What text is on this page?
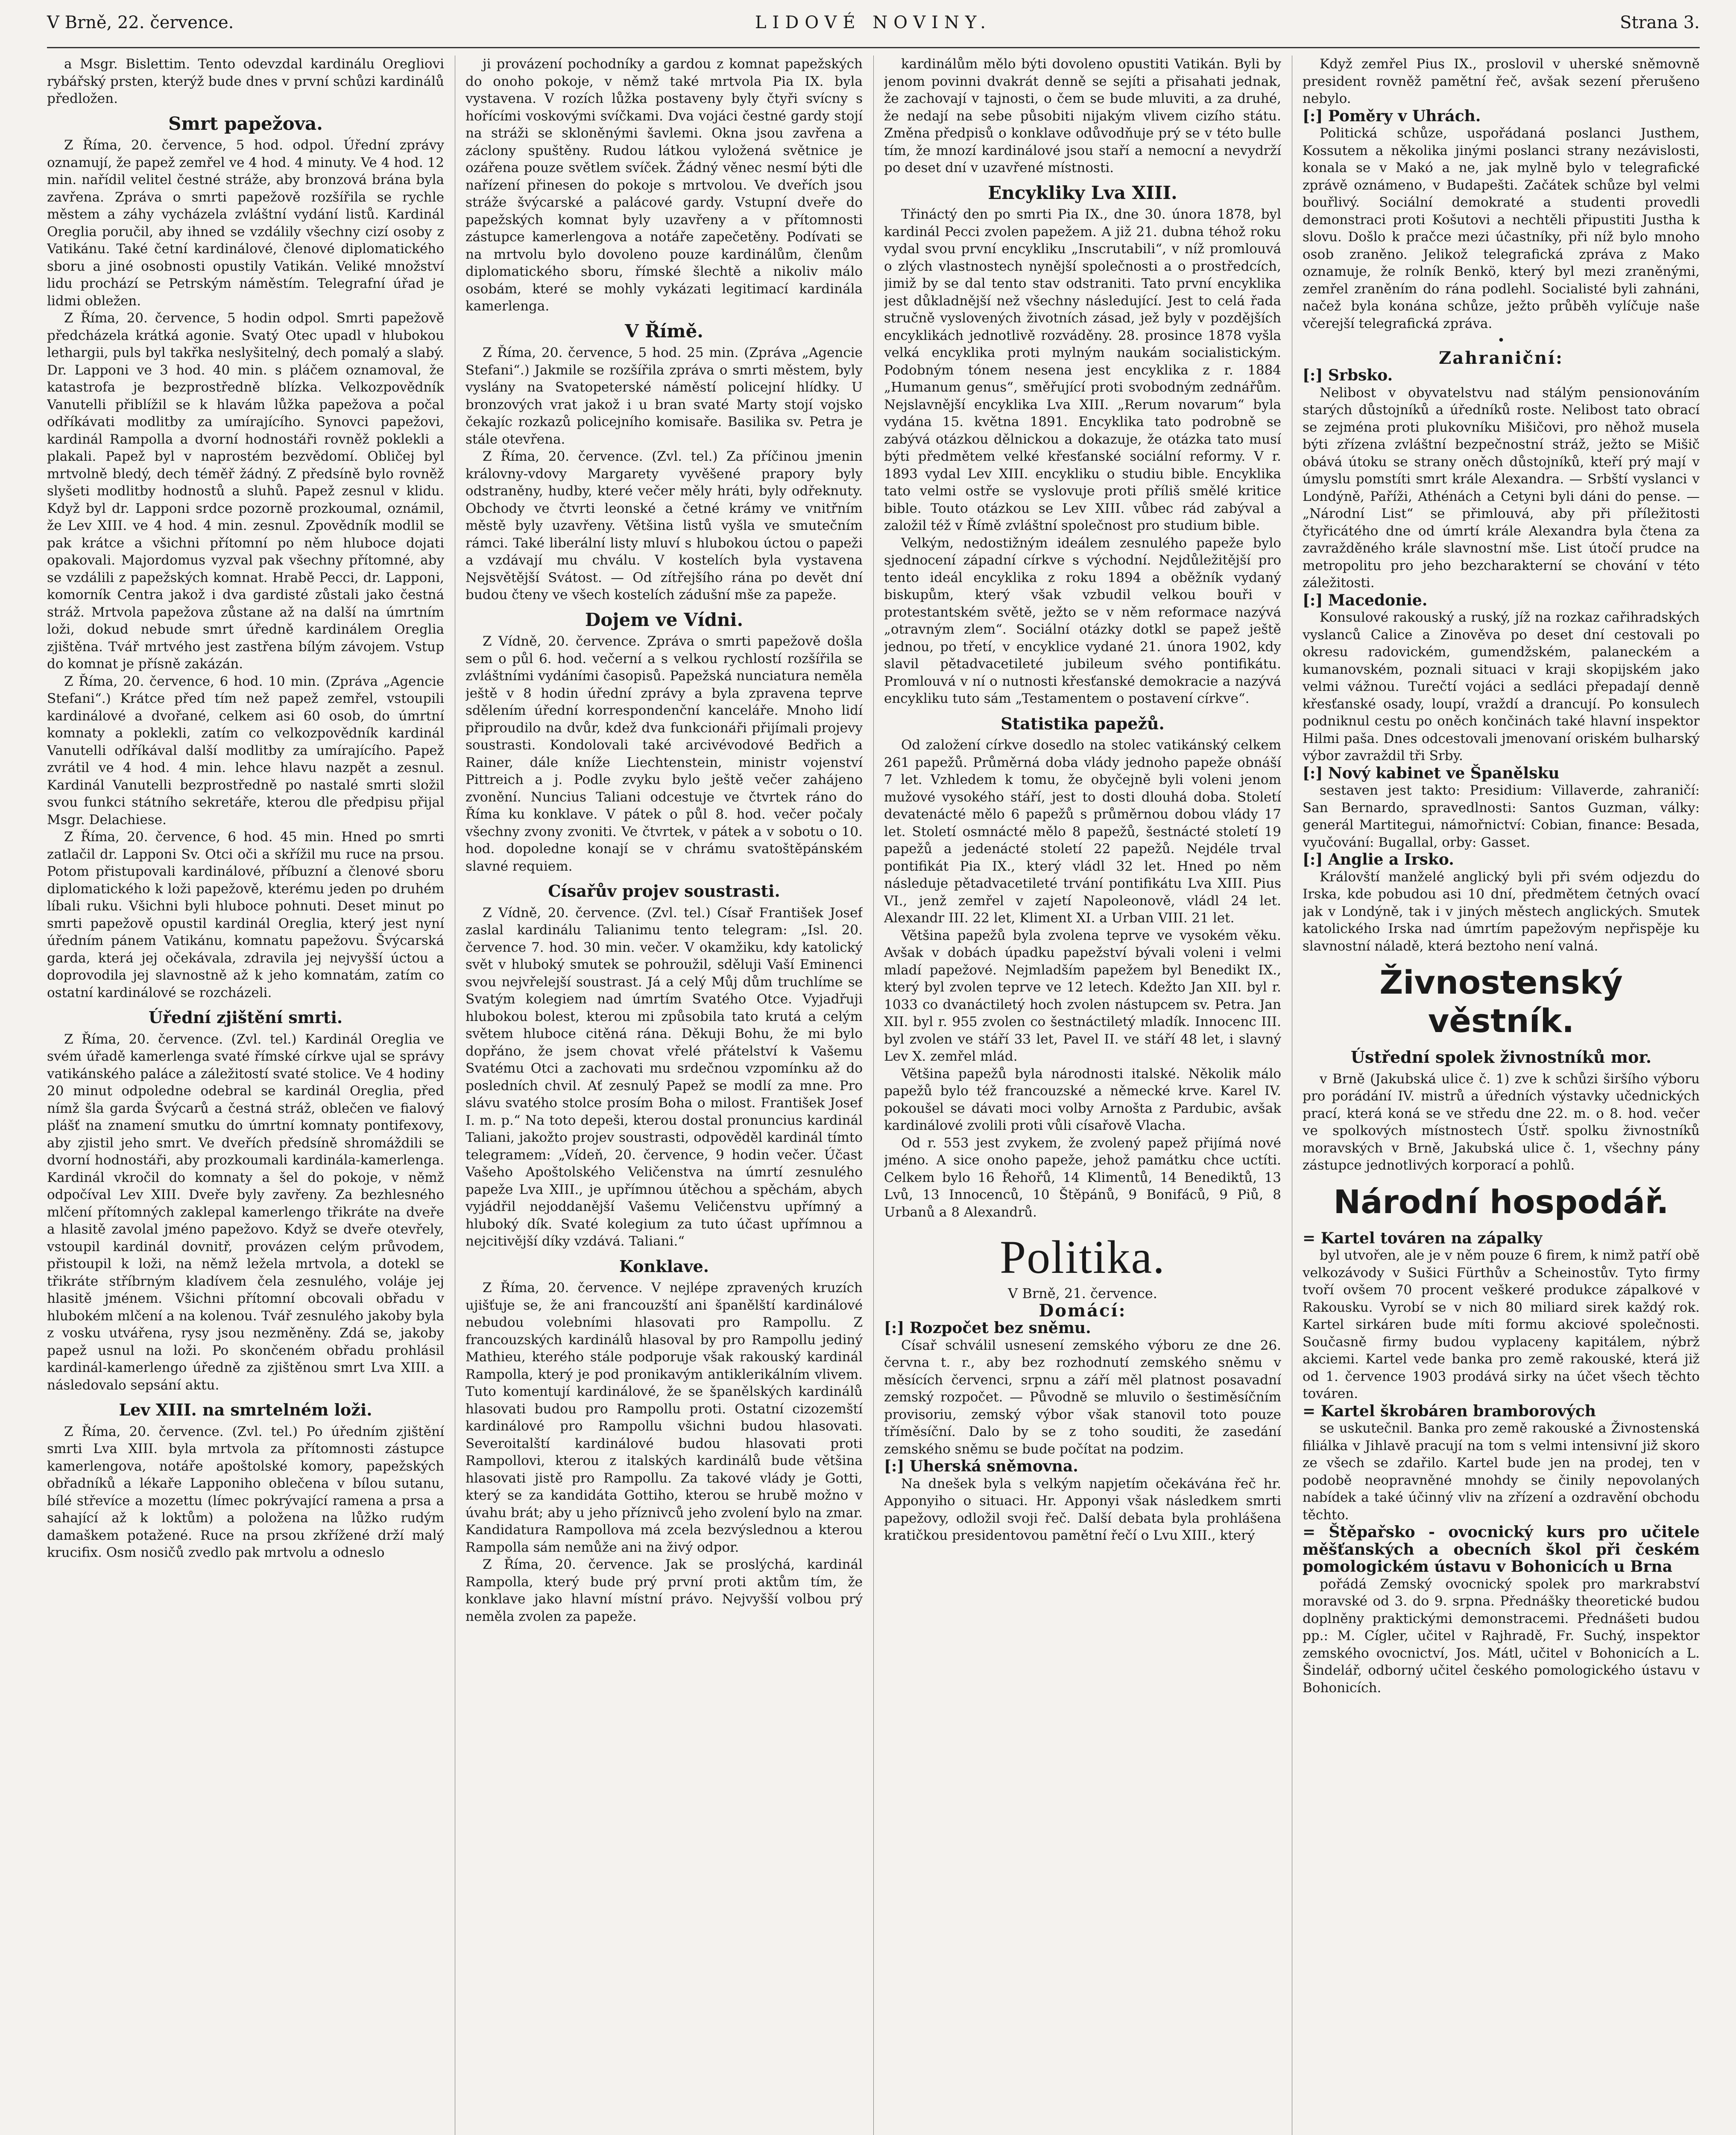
V Brně, 22. července.	LIDOVÉ NOVINY.	Strana 3.

a Msgr. Bislettim. Tento odevzdal kardinálu Oregliovi rybářský prsten, kterýž bude dnes v první schůzi kardinálů předložen.

Smrt papežova.

Z Říma, 20. července, 5 hod. odpol. Úřední zprávy oznamují, že papež zemřel ve 4 hod. 4 minuty. Ve 4 hod. 12 min. nařídil velitel čestné stráže, aby bronzová brána byla zavřena. Zpráva o smrti papežově rozšířila se rychle městem a záhy vycházela zvláštní vydání listů. Kardinál Oreglia poručil, aby ihned se vzdálily všechny cizí osoby z Vatikánu. Také četní kardinálové, členové diplomatického sboru a jiné osobnosti opustily Vatikán. Veliké množství lidu prochází se Petrským náměstím. Telegrafní úřad je lidmi obležen.

Z Říma, 20. července, 5 hodin odpol. Smrti papežově předcházela krátká agonie. Svatý Otec upadl v hlubokou lethargii, puls byl takřka neslyšitelný, dech pomalý a slabý. Dr. Lapponi ve 3 hod. 40 min. s pláčem oznamoval, že katastrofa je bezprostředně blízka. Velkozpovědník Vanutelli přiblížil se k hlavám lůžka papežova a počal odříkávati modlitby za umírajícího. Synovci papežovi, kardinál Rampolla a dvorní hodnostáři rovněž poklekli a plakali. Papež byl v naprostém bezvědomí. Obličej byl mrtvolně bledý, dech téměř žádný. Z předsíně bylo rovněž slyšeti modlitby hodnostů a sluhů. Papež zesnul v klidu. Když byl dr. Lapponi srdce pozorně prozkoumal, oznámil, že Lev XIII. ve 4 hod. 4 min. zesnul. Zpovědník modlil se pak krátce a všichni přítomní po něm hluboce dojati opakovali. Majordomus vyzval pak všechny přítomné, aby se vzdálili z papežských komnat. Hrabě Pecci, dr. Lapponi, komorník Centra jakož i dva gardisté zůstali jako čestná stráž. Mrtvola papežova zůstane až na další na úmrtním loži, dokud nebude smrt úředně kardinálem Oreglia zjištěna. Tvář mrtvého jest zastřena bílým závojem. Vstup do komnat je přísně zakázán.

Z Říma, 20. července, 6 hod. 10 min. (Zpráva „Agencie Stefani“.) Krátce před tím než papež zemřel, vstoupili kardinálové a dvořané, celkem asi 60 osob, do úmrtní komnaty a poklekli, zatím co velkozpovědník kardinál Vanutelli odříkával další modlitby za umírajícího. Papež zvrátil ve 4 hod. 4 min. lehce hlavu nazpět a zesnul. Kardinál Vanutelli bezprostředně po nastalé smrti složil svou funkci státního sekretáře, kterou dle předpisu přijal Msgr. Delachiese.

Z Říma, 20. července, 6 hod. 45 min. Hned po smrti zatlačil dr. Lapponi Sv. Otci oči a skřížil mu ruce na prsou. Potom přistupovali kardinálové, příbuzní a členové sboru diplomatického k loži papežově, kterému jeden po druhém líbali ruku. Všichni byli hluboce pohnuti. Deset minut po smrti papežově opustil kardinál Oreglia, který jest nyní úředním pánem Vatikánu, komnatu papežovu. Švýcarská garda, která jej očekávala, zdravila jej nejvyšší úctou a doprovodila jej slavnostně až k jeho komnatám, zatím co ostatní kardinálové se rozcházeli.

Úřední zjištění smrti.

Z Říma, 20. července. (Zvl. tel.) Kardinál Oreglia ve svém úřadě kamerlenga svaté římské církve ujal se správy vatikánského paláce a záležitostí svaté stolice. Ve 4 hodiny 20 minut odpoledne odebral se kardinál Oreglia, před nímž šla garda Švýcarů a čestná stráž, oblečen ve fialový plášť na znamení smutku do úmrtní komnaty pontifexovy, aby zjistil jeho smrt. Ve dveřích předsíně shromáždili se dvorní hodnostáři, aby prozkoumali kardinála-kamerlenga. Kardinál vkročil do komnaty a šel do pokoje, v němž odpočíval Lev XIII. Dveře byly zavřeny. Za bezhlesného mlčení přítomných zaklepal kamerlengo třikráte na dveře a hlasitě zavolal jméno papežovo. Když se dveře otevřely, vstoupil kardinál dovnitř, provázen celým průvodem, přistoupil k loži, na němž ležela mrtvola, a dotekl se třikráte stříbrným kladívem čela zesnulého, voláje jej hlasitě jménem. Všichni přítomní obcovali obřadu v hlubokém mlčení a na kolenou. Tvář zesnulého jakoby byla z vosku utvářena, rysy jsou nezměněny. Zdá se, jakoby papež usnul na loži. Po skončeném obřadu prohlásil kardinál-kamerlengo úředně za zjištěnou smrt Lva XIII. a následovalo sepsání aktu.

Lev XIII. na smrtelném loži.

Z Říma, 20. července. (Zvl. tel.) Po úředním zjištění smrti Lva XIII. byla mrtvola za přítomnosti zástupce kamerlengova, notáře apoštolské komory, papežských obřadníků a lékaře Lapponiho oblečena v bílou sutanu, bílé střevíce a mozettu (límec pokrývající ramena a prsa a sahající až k loktům) a položena na lůžko rudým damaškem potažené. Ruce na prsou zkřížené drží malý krucifix. Osm nosičů zvedlo pak mrtvolu a odneslo

ji provázení pochodníky a gardou z komnat papežských do onoho pokoje, v němž také mrtvola Pia IX. byla vystavena. V rozích lůžka postaveny byly čtyři svícny s hořícími voskovými svíčkami. Dva vojáci čestné gardy stojí na stráži se skloněnými šavlemi. Okna jsou zavřena a záclony spuštěny. Rudou látkou vyložená světnice je ozářena pouze světlem svíček. Žádný věnec nesmí býti dle nařízení přinesen do pokoje s mrtvolou. Ve dveřích jsou stráže švýcarské a palácové gardy. Vstupní dveře do papežských komnat byly uzavřeny a v přítomnosti zástupce kamerlengova a notáře zapečetěny. Podívati se na mrtvolu bylo dovoleno pouze kardinálům, členům diplomatického sboru, římské šlechtě a nikoliv málo osobám, které se mohly vykázati legitimací kardinála kamerlenga.

V Římě.

Z Říma, 20. července, 5 hod. 25 min. (Zpráva „Agencie Stefani“.) Jakmile se rozšířila zpráva o smrti městem, byly vyslány na Svatopeterské náměstí policejní hlídky. U bronzových vrat jakož i u bran svaté Marty stojí vojsko čekajíc rozkazů policejního komisaře. Basilika sv. Petra je stále otevřena.

Z Říma, 20. července. (Zvl. tel.) Za příčinou jmenin královny-vdovy Margarety vyvěšené prapory byly odstraněny, hudby, které večer měly hráti, byly odřeknuty. Obchody ve čtvrti leonské a četné krámy ve vnitřním městě byly uzavřeny. Většina listů vyšla ve smutečním rámci. Také liberální listy mluví s hlubokou úctou o papeži a vzdávají mu chválu. V kostelích byla vystavena Nejsvětější Svátost. — Od zítřejšího rána po devět dní budou čteny ve všech kostelích zádušní mše za papeže.

Dojem ve Vídni.

Z Vídně, 20. července. Zpráva o smrti papežově došla sem o půl 6. hod. večerní a s velkou rychlostí rozšířila se zvláštními vydáními časopisů. Papežská nunciatura neměla ještě v 8 hodin úřední zprávy a byla zpravena teprve sdělením úřední korrespondenční kanceláře. Mnoho lidí připroudilo na dvůr, kdež dva funkcionáři přijímali projevy soustrasti. Kondolovali také arcivévodové Bedřich a Rainer, dále kníže Liechtenstein, ministr vojenství Pittreich a j. Podle zvyku bylo ještě večer zahájeno zvonění. Nuncius Taliani odcestuje ve čtvrtek ráno do Říma ku konklave. V pátek o půl 8. hod. večer počaly všechny zvony zvoniti. Ve čtvrtek, v pátek a v sobotu o 10. hod. dopoledne konají se v chrámu svatoštěpánském slavné requiem.

Císařův projev soustrasti.

Z Vídně, 20. července. (Zvl. tel.) Císař František Josef zaslal kardinálu Talianimu tento telegram: „Isl. 20. července 7. hod. 30 min. večer. V okamžiku, kdy katolický svět v hluboký smutek se pohroužil, sděluji Vaší Eminenci svou nejvřelejší soustrast. Já a celý Můj dům truchlíme se Svatým kolegiem nad úmrtím Svatého Otce. Vyjadřuji hlubokou bolest, kterou mi způsobila tato krutá a celým světem hluboce citěná rána. Děkuji Bohu, že mi bylo dopřáno, že jsem chovat vřelé přátelství k Vašemu Svatému Otci a zachovati mu srdečnou vzpomínku až do posledních chvil. Ať zesnulý Papež se modlí za mne. Pro slávu svatého stolce prosím Boha o milost. František Josef I. m. p.“ Na toto depeši, kterou dostal pronuncius kardinál Taliani, jakožto projev soustrasti, odpověděl kardinál tímto telegramem: „Vídeň, 20. července, 9 hodin večer. Účast Vašeho Apoštolského Veličenstva na úmrtí zesnulého papeže Lva XIII., je upřímnou útěchou a spěchám, abych vyjádřil nejoddanější Vašemu Veličenstvu upřímný a hluboký dík. Svaté kolegium za tuto účast upřímnou a nejcitivější díky vzdává. Taliani.“

Konklave.

Z Říma, 20. července. V nejlépe zpravených kruzích ujišťuje se, že ani francouzští ani španělští kardinálové nebudou volebními hlasovati pro Rampollu. Z francouzských kardinálů hlasoval by pro Rampollu jediný Mathieu, kterého stále podporuje však rakouský kardinál Rampolla, který je pod pronikavým antiklerikálním vlivem. Tuto komentují kardinálové, že se španělských kardinálů hlasovati budou pro Rampollu proti. Ostatní cizozemští kardinálové pro Rampollu všichni budou hlasovati. Severoitalští kardinálové budou hlasovati proti Rampollovi, kterou z italských kardinálů bude většina hlasovati jistě pro Rampollu. Za takové vlády je Gotti, který se za kandidáta Gottiho, kterou se hrubě možno v úvahu brát; aby u jeho příznivců jeho zvolení bylo na zmar. Kandidatura Rampollova má zcela bezvýslednou a kterou Rampolla sám nemůže ani na živý odpor.

Z Říma, 20. července. Jak se proslýchá, kardinál Rampolla, který bude prý první proti aktům tím, že konklave jako hlavní místní právo. Nejvyšší volbou prý neměla zvolen za papeže.

kardinálům mělo býti dovoleno opustiti Vatikán. Byli by jenom povinni dvakrát denně se sejíti a přisahati jednak, že zachovají v tajnosti, o čem se bude mluviti, a za druhé, že nedají na sebe působiti nijakým vlivem cizího státu. Změna předpisů o konklave odůvodňuje prý se v této bulle tím, že mnozí kardinálové jsou staří a nemocní a nevydrží po deset dní v uzavřené místnosti.

Encykliky Lva XIII.

Třináctý den po smrti Pia IX., dne 30. února 1878, byl kardinál Pecci zvolen papežem. A již 21. dubna téhož roku vydal svou první encykliku „Inscrutabili“, v níž promlouvá o zlých vlastnostech nynější společnosti a o prostředcích, jimiž by se dal tento stav odstraniti. Tato první encyklika jest důkladnější než všechny následující. Jest to celá řada stručně vyslovených životních zásad, jež byly v pozdějších encyklikách jednotlivě rozváděny. 28. prosince 1878 vyšla velká encyklika proti mylným naukám socialistickým. Podobným tónem nesena jest encyklika z r. 1884 „Humanum genus“, směřující proti svobodným zednářům. Nejslavnější encyklika Lva XIII. „Rerum novarum“ byla vydána 15. května 1891. Encyklika tato podrobně se zabývá otázkou dělnickou a dokazuje, že otázka tato musí býti předmětem velké křesťanské sociální reformy. V r. 1893 vydal Lev XIII. encykliku o studiu bible. Encyklika tato velmi ostře se vyslovuje proti příliš smělé kritice bible. Touto otázkou se Lev XIII. vůbec rád zabýval a založil též v Římě zvláštní společnost pro studium bible.

Velkým, nedostižným ideálem zesnulého papeže bylo sjednocení západní církve s východní. Nejdůležitější pro tento ideál encyklika z roku 1894 a oběžník vydaný biskupům, který však vzbudil velkou bouři v protestantském světě, ježto se v něm reformace nazývá „otravným zlem“. Sociální otázky dotkl se papež ještě jednou, po třetí, v encyklice vydané 21. února 1902, kdy slavil pětadvacetileté jubileum svého pontifikátu. Promlouvá v ní o nutnosti křesťanské demokracie a nazývá encykliku tuto sám „Testamentem o postavení církve“.

Statistika papežů.

Od založení církve dosedlo na stolec vatikánský celkem 261 papežů. Průměrná doba vlády jednoho papeže obnáší 7 let. Vzhledem k tomu, že obyčejně byli voleni jenom mužové vysokého stáří, jest to dosti dlouhá doba. Století devatenácté mělo 6 papežů s průměrnou dobou vlády 17 let. Století osmnácté mělo 8 papežů, šestnácté století 19 papežů a jedenácté století 22 papežů. Nejdéle trval pontifikát Pia IX., který vládl 32 let. Hned po něm následuje pětadvacetileté trvání pontifikátu Lva XIII. Pius VI., jenž zemřel v zajetí Napoleonově, vládl 24 let. Alexandr III. 22 let, Kliment XI. a Urban VIII. 21 let.

Většina papežů byla zvolena teprve ve vysokém věku. Avšak v dobách úpadku papežství bývali voleni i velmi mladí papežové. Nejmladším papežem byl Benedikt IX., který byl zvolen teprve ve 12 letech. Kdežto Jan XII. byl r. 1033 co dvanáctiletý hoch zvolen nástupcem sv. Petra. Jan XII. byl r. 955 zvolen co šestnáctiletý mladík. Innocenc III. byl zvolen ve stáří 33 let, Pavel II. ve stáří 48 let, i slavný Lev X. zemřel mlád.

Většina papežů byla národnosti italské. Několik málo papežů bylo též francouzské a německé krve. Karel IV. pokoušel se dávati moci volby Arnošta z Pardubic, avšak kardinálové zvolili proti vůli císařově Vlacha.

Od r. 553 jest zvykem, že zvolený papež přijímá nové jméno. A sice onoho papeže, jehož památku chce uctíti. Celkem bylo 16 Řehořů, 14 Klimentů, 14 Benediktů, 13 Lvů, 13 Innocenců, 10 Štěpánů, 9 Bonifáců, 9 Piů, 8 Urbanů a 8 Alexandrů.

Politika.
V Brně, 21. července.
Domácí:
[:] Rozpočet bez sněmu.

Císař schválil usnesení zemského výboru ze dne 26. června t. r., aby bez rozhodnutí zemského sněmu v měsících červenci, srpnu a září měl platnost posavadní zemský rozpočet. — Původně se mluvilo o šestiměsíčním provisoriu, zemský výbor však stanovil toto pouze tříměsíční. Dalo by se z toho souditi, že zasedání zemského sněmu se bude počítat na podzim.

[:] Uherská sněmovna.

Na dnešek byla s velkým napjetím očekávána řeč hr. Apponyiho o situaci. Hr. Apponyi však následkem smrti papežovy, odložil svoji řeč. Další debata byla prohlášena kratičkou presidentovou pamětní řečí o Lvu XIII., který

Když zemřel Pius IX., proslovil v uherské sněmovně president rovněž pamětní řeč, avšak sezení přerušeno nebylo.

[:] Poměry v Uhrách.

Politická schůze, uspořádaná poslanci Justhem, Kossutem a několika jinými poslanci strany nezávislosti, konala se v Makó a ne, jak mylně bylo v telegrafické zprávě oznámeno, v Budapešti. Začátek schůze byl velmi bouřlivý. Sociální demokraté a studenti provedli demonstraci proti Košutovi a nechtěli připustiti Justha k slovu. Došlo k pračce mezi účastníky, při níž bylo mnoho osob zraněno. Jelikož telegrafická zpráva z Mako oznamuje, že rolník Benkö, který byl mezi zraněnými, zemřel zraněním do rána podlehl. Socialisté byli zahnáni, načež byla konána schůze, ježto průběh vylíčuje naše včerejší telegrafická zpráva.

•
Zahraniční:
[:] Srbsko.

Nelibost v obyvatelstvu nad stálým pensionováním starých důstojníků a úředníků roste. Nelibost tato obrací se zejména proti plukovníku Mišičovi, pro něhož musela býti zřízena zvláštní bezpečnostní stráž, ježto se Mišič obává útoku se strany oněch důstojníků, kteří prý mají v úmyslu pomstíti smrt krále Alexandra. — Srbští vyslanci v Londýně, Paříži, Athénách a Cetyni byli dáni do pense. — „Národní List“ se přimlouvá, aby při příležitosti čtyřicátého dne od úmrtí krále Alexandra byla čtena za zavražděného krále slavnostní mše. List útočí prudce na metropolitu pro jeho bezcharakterní se chování v této záležitosti.

[:] Macedonie.

Konsulové rakouský a ruský, jíž na rozkaz cařihradských vyslanců Calice a Zinověva po deset dní cestovali po okresu radovickém, gumendžském, palaneckém a kumanovském, poznali situaci v kraji skopijském jako velmi vážnou. Turečtí vojáci a sedláci přepadají denně křesťanské osady, loupí, vraždí a drancují. Po konsulech podniknul cestu po oněch končinách také hlavní inspektor Hilmi paša. Dnes odcestovali jmenovaní oriském bulharský výbor zavraždil tři Srby.

[:] Nový kabinet ve Španělsku

sestaven jest takto: Presidium: Villaverde, zahraničí: San Bernardo, spravedlnosti: Santos Guzman, války: generál Martitegui, námořnictví: Cobian, finance: Besada, vyučování: Bugallal, orby: Gasset.

[:] Anglie a Irsko.

Královští manželé anglický byli při svém odjezdu do Irska, kde pobudou asi 10 dní, předmětem četných ovací jak v Londýně, tak i v jiných městech anglických. Smutek katolického Irska nad úmrtím papežovým nepřispěje ku slavnostní náladě, která beztoho není valná.

Živnostenský věstník.
Ústřední spolek živnostníků mor.

v Brně (Jakubská ulice č. 1) zve k schůzi širšího výboru pro porádání IV. mistrů a úředních výstavky učednických prací, která koná se ve středu dne 22. m. o 8. hod. večer ve spolkových místnostech Ústř. spolku živnostníků moravských v Brně, Jakubská ulice č. 1, všechny pány zástupce jednotlivých korporací a pohlů.

Národní hospodář.
= Kartel továren na zápalky

byl utvořen, ale je v něm pouze 6 firem, k nimž patří obě velkozávody v Sušici Fürthův a Scheinostův. Tyto firmy tvoří ovšem 70 procent veškeré produkce zápalkové v Rakousku. Vyrobí se v nich 80 miliard sirek každý rok. Kartel sirkáren bude míti formu akciové společnosti. Současně firmy budou vyplaceny kapitálem, nýbrž akciemi. Kartel vede banka pro země rakouské, která již od 1. července 1903 prodává sirky na účet všech těchto továren.

= Kartel škrobáren bramborových

se uskutečnil. Banka pro země rakouské a Živnostenská filiálka v Jihlavě pracují na tom s velmi intensivní již skoro ze všech se zdařilo. Kartel bude jen na prodej, ten v podobě neopravněné mnohdy se činily nepovolaných nabídek a také účinný vliv na zřízení a ozdravění obchodu těchto.

= Štěpařsko - ovocnický kurs pro učitele měšťanských a obecních škol při českém pomologickém ústavu v Bohonicích u Brna

pořádá Zemský ovocnický spolek pro markrabství moravské od 3. do 9. srpna. Přednášky theoretické budou doplněny praktickými demonstracemi. Přednášeti budou pp.: M. Cígler, učitel v Rajhradě, Fr. Suchý, inspektor zemského ovocnictví, Jos. Mátl, učitel v Bohonicích a L. Šindelář, odborný učitel českého pomologického ústavu v Bohonicích.
